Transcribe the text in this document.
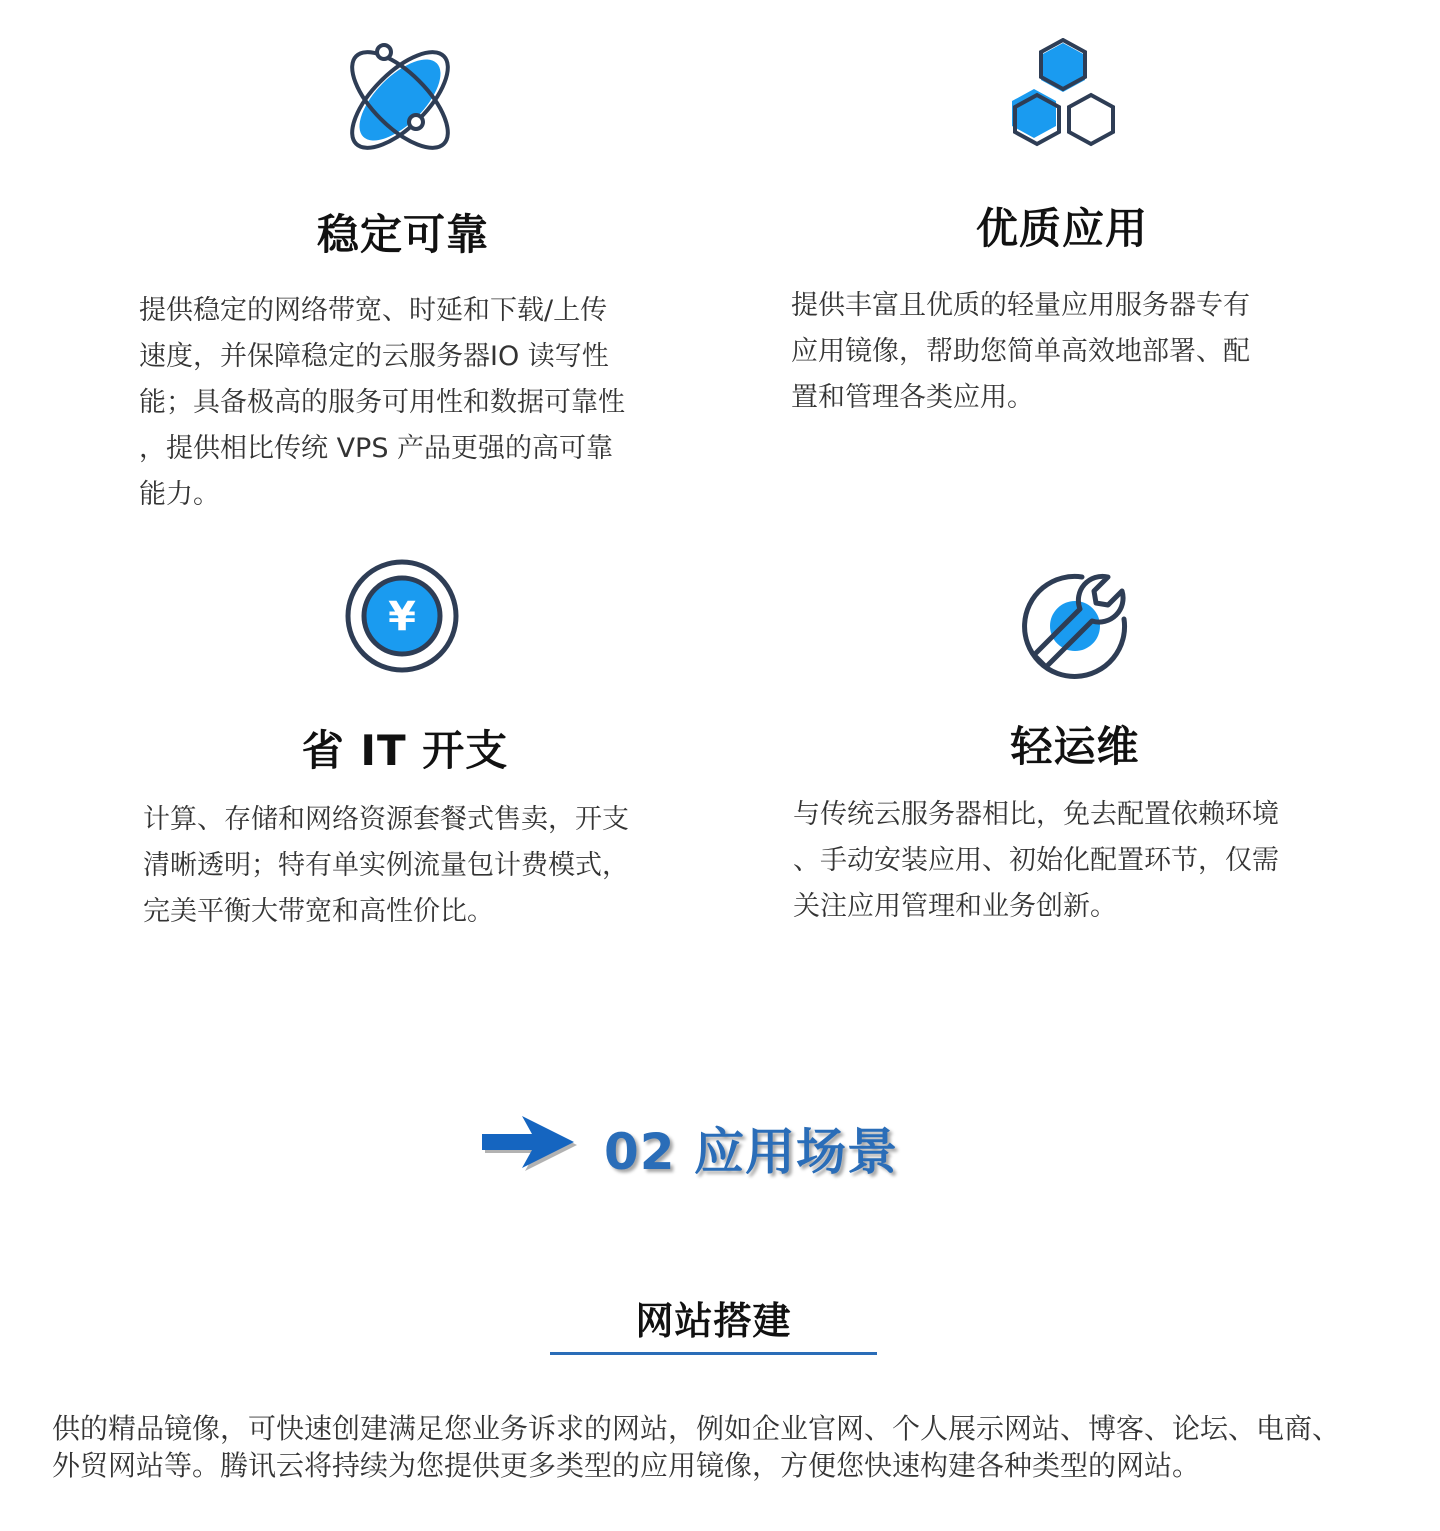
稳定可靠

提供稳定的网络带宽、时延和下载/上传
速度，并保障稳定的云服务器IO 读写性
能；具备极高的服务可用性和数据可靠性
，提供相比传统 VPS 产品更强的高可靠
能力。

优质应用

提供丰富且优质的轻量应用服务器专有
应用镜像，帮助您简单高效地部署、配
置和管理各类应用。

¥
省 IT 开支

计算、存储和网络资源套餐式售卖，开支
清晰透明；特有单实例流量包计费模式，
完美平衡大带宽和高性价比。

轻运维

与传统云服务器相比，免去配置依赖环境
、手动安装应用、初始化配置环节，仅需
关注应用管理和业务创新。

02 应用场景
网站搭建

供的精品镜像，可快速创建满足您业务诉求的网站，例如企业官网、个人展示网站、博客、论坛、电商、
外贸网站等。腾讯云将持续为您提供更多类型的应用镜像，方便您快速构建各种类型的网站。
